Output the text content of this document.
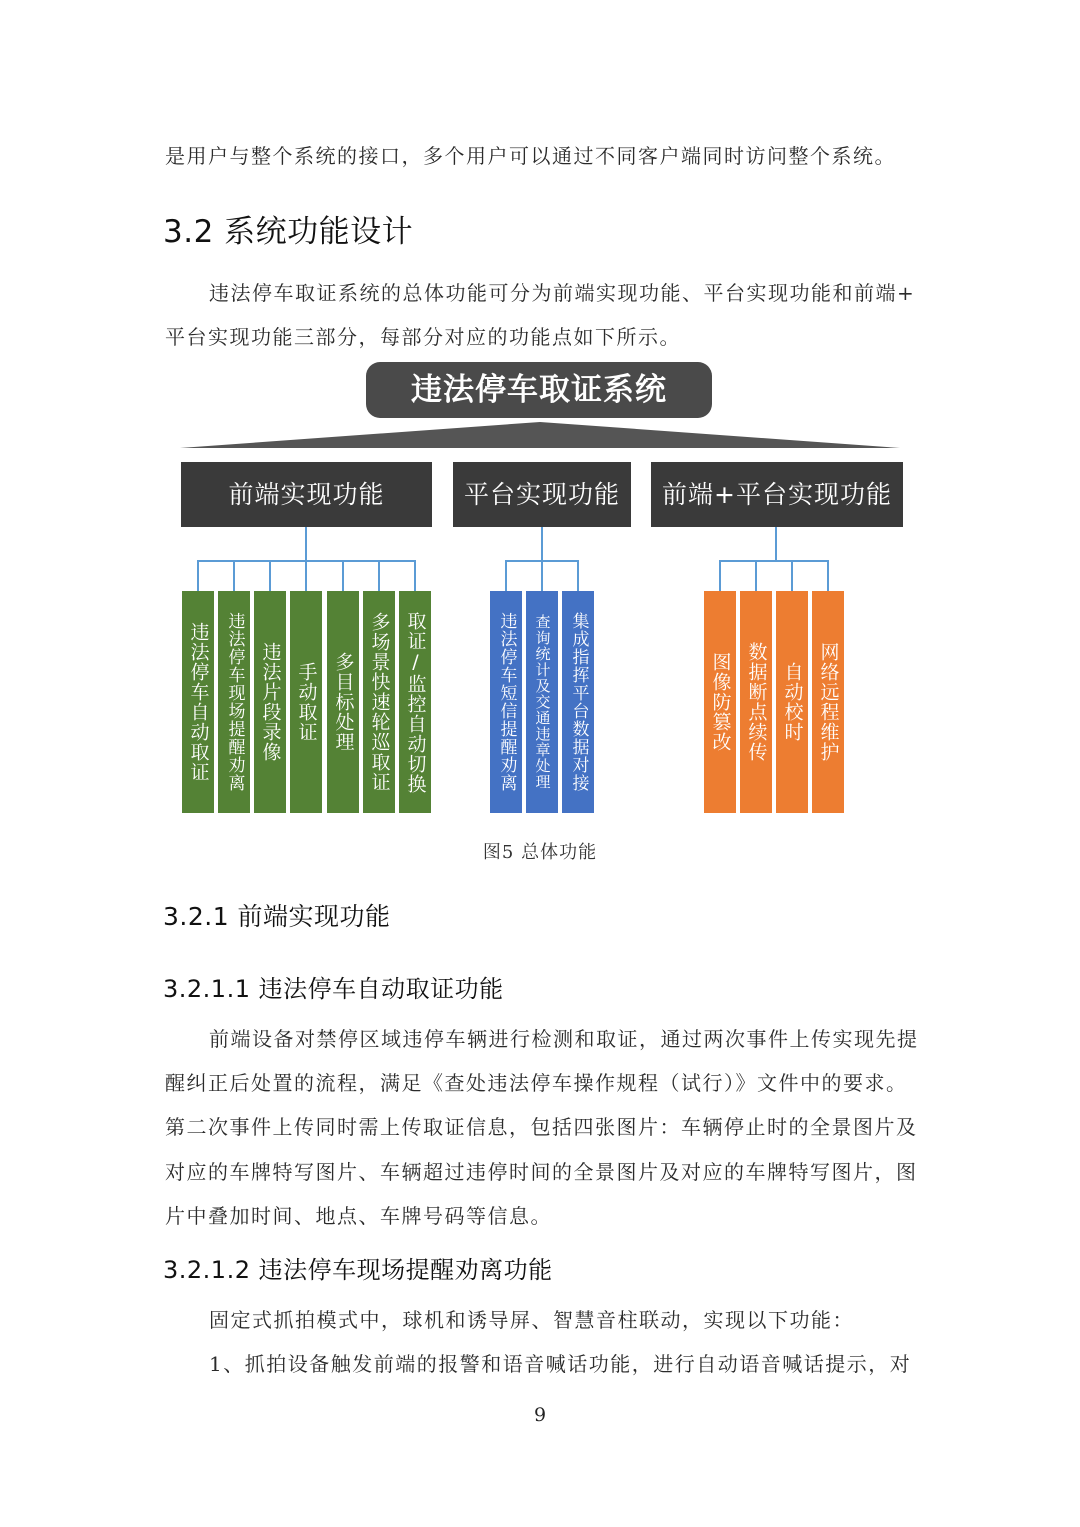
是用户与整个系统的接口，多个用户可以通过不同客户端同时访问整个系统。
3.2 系统功能设计
违法停车取证系统的总体功能可分为前端实现功能、平台实现功能和前端+
平台实现功能三部分，每部分对应的功能点如下所示。
违法停车取证系统
前端实现功能	平台实现功能	前端+平台实现功能
违法停车自动取证 违法停车现场提醒劝离 违法片段录像 手动取证 多目标处理 多场景快速轮巡取证 取证/监控自动切换	违法停车短信提醒劝离 查询统计及交通违章处理 集成指挥平台数据对接	图像防篡改 数据断点续传 自动校时 网络远程维护
图5 总体功能
3.2.1 前端实现功能
3.2.1.1 违法停车自动取证功能
前端设备对禁停区域违停车辆进行检测和取证，通过两次事件上传实现先提
醒纠正后处置的流程，满足《查处违法停车操作规程（试行）》文件中的要求。
第二次事件上传同时需上传取证信息，包括四张图片：车辆停止时的全景图片及
对应的车牌特写图片、车辆超过违停时间的全景图片及对应的车牌特写图片，图
片中叠加时间、地点、车牌号码等信息。
3.2.1.2 违法停车现场提醒劝离功能
固定式抓拍模式中，球机和诱导屏、智慧音柱联动，实现以下功能：
1、抓拍设备触发前端的报警和语音喊话功能，进行自动语音喊话提示，对
9
